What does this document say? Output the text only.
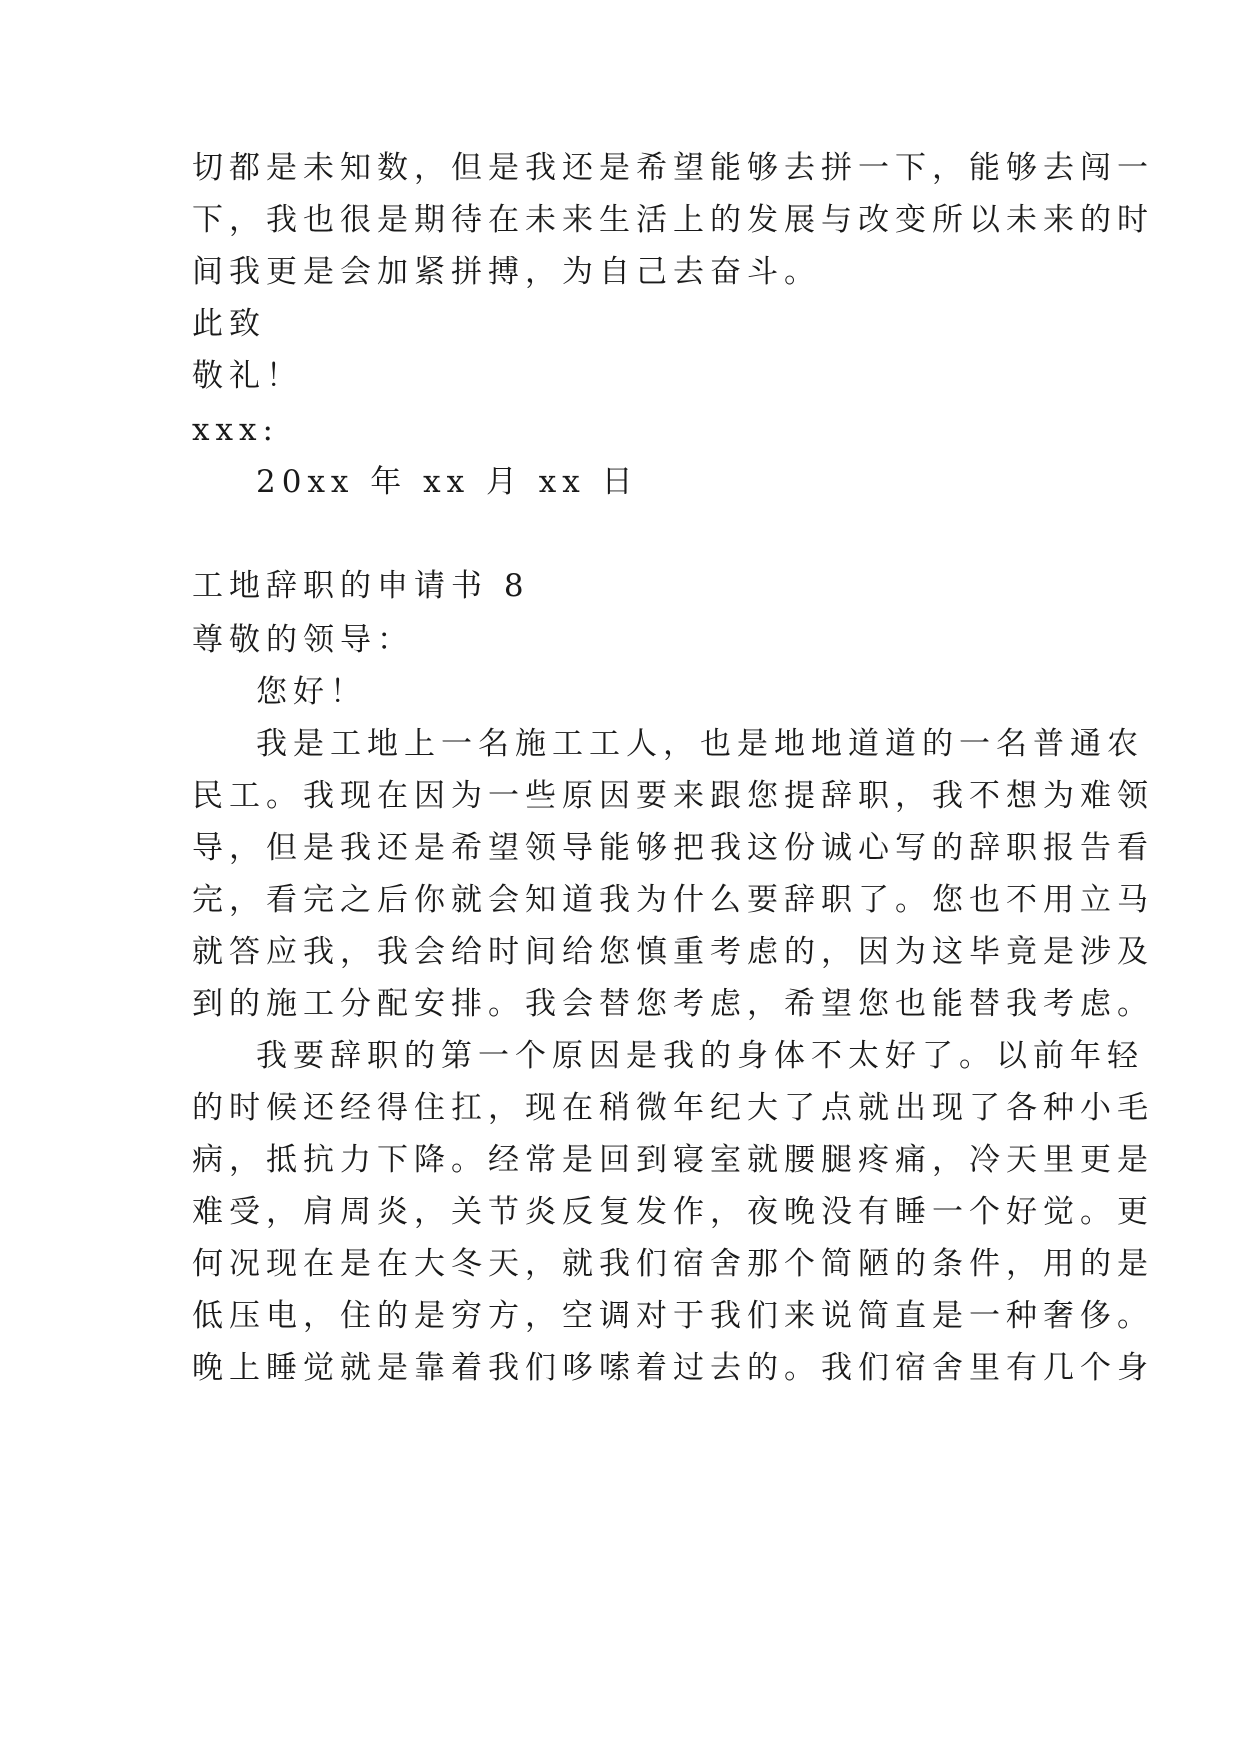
切都是未知数，但是我还是希望能够去拼一下，能够去闯一

下，我也很是期待在未来生活上的发展与改变所以未来的时

间我更是会加紧拼搏，为自己去奋斗。

此致

敬礼！

xxx:

20xx 年 xx 月 xx 日

工地辞职的申请书 8

尊敬的领导：

您好！

我是工地上一名施工工人，也是地地道道的一名普通农

民工。我现在因为一些原因要来跟您提辞职，我不想为难领

导，但是我还是希望领导能够把我这份诚心写的辞职报告看

完，看完之后你就会知道我为什么要辞职了。您也不用立马

就答应我，我会给时间给您慎重考虑的，因为这毕竟是涉及

到的施工分配安排。我会替您考虑，希望您也能替我考虑。

我要辞职的第一个原因是我的身体不太好了。以前年轻

的时候还经得住扛，现在稍微年纪大了点就出现了各种小毛

病，抵抗力下降。经常是回到寝室就腰腿疼痛，冷天里更是

难受，肩周炎，关节炎反复发作，夜晚没有睡一个好觉。更

何况现在是在大冬天，就我们宿舍那个简陋的条件，用的是

低压电，住的是穷方，空调对于我们来说简直是一种奢侈。

晚上睡觉就是靠着我们哆嗦着过去的。我们宿舍里有几个身
